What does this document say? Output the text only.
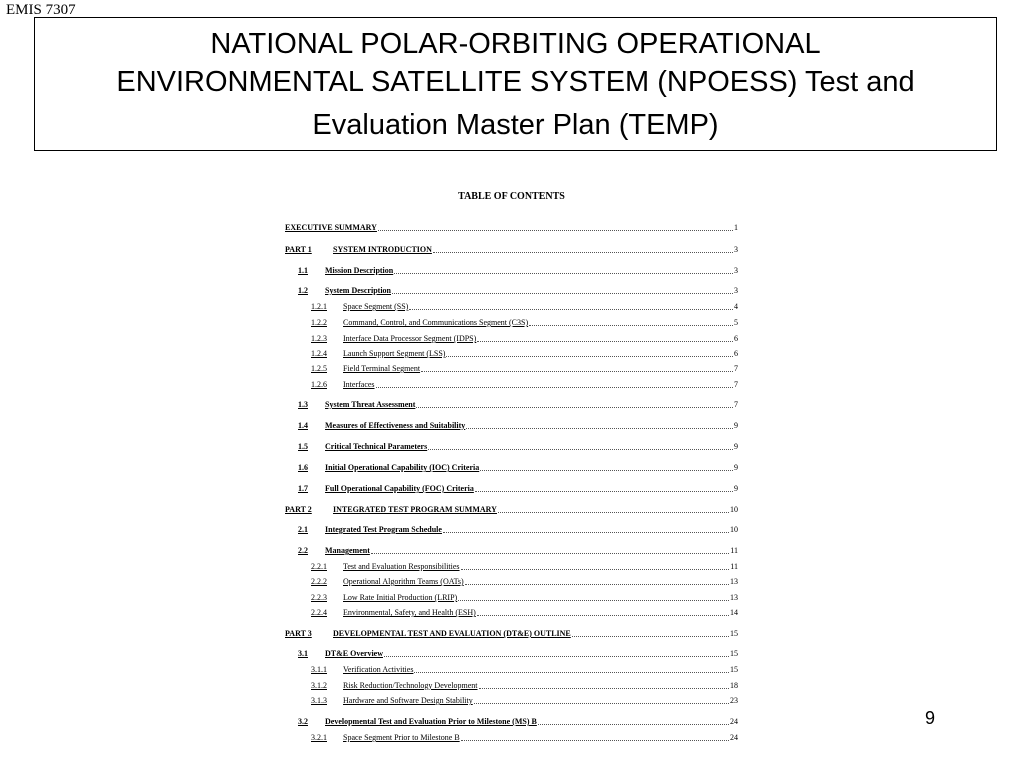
EMIS 7307
NATIONAL POLAR-ORBITING OPERATIONAL
ENVIRONMENTAL SATELLITE SYSTEM (NPOESS) Test and
Evaluation Master Plan (TEMP)
TABLE OF CONTENTS
EXECUTIVE SUMMARY	1
PART 1	SYSTEM INTRODUCTION	3
1.1	Mission Description	3
1.2	System Description	3
1.2.1	Space Segment (SS)	4
1.2.2	Command, Control, and Communications Segment (C3S)	5
1.2.3	Interface Data Processor Segment (IDPS)	6
1.2.4	Launch Support Segment (LSS)	6
1.2.5	Field Terminal Segment	7
1.2.6	Interfaces	7
1.3	System Threat Assessment	7
1.4	Measures of Effectiveness and Suitability	9
1.5	Critical Technical Parameters	9
1.6	Initial Operational Capability (IOC) Criteria	9
1.7	Full Operational Capability (FOC) Criteria	9
PART 2	INTEGRATED TEST PROGRAM SUMMARY	10
2.1	Integrated Test Program Schedule	10
2.2	Management	11
2.2.1	Test and Evaluation Responsibilities	11
2.2.2	Operational Algorithm Teams (OATs)	13
2.2.3	Low Rate Initial Production (LRIP)	13
2.2.4	Environmental, Safety, and Health (ESH)	14
PART 3	DEVELOPMENTAL TEST AND EVALUATION (DT&E) OUTLINE	15
3.1	DT&E Overview	15
3.1.1	Verification Activities	15
3.1.2	Risk Reduction/Technology Development	18
3.1.3	Hardware and Software Design Stability	23
3.2	Developmental Test and Evaluation Prior to Milestone (MS) B	24
3.2.1	Space Segment Prior to Milestone B	24
9
